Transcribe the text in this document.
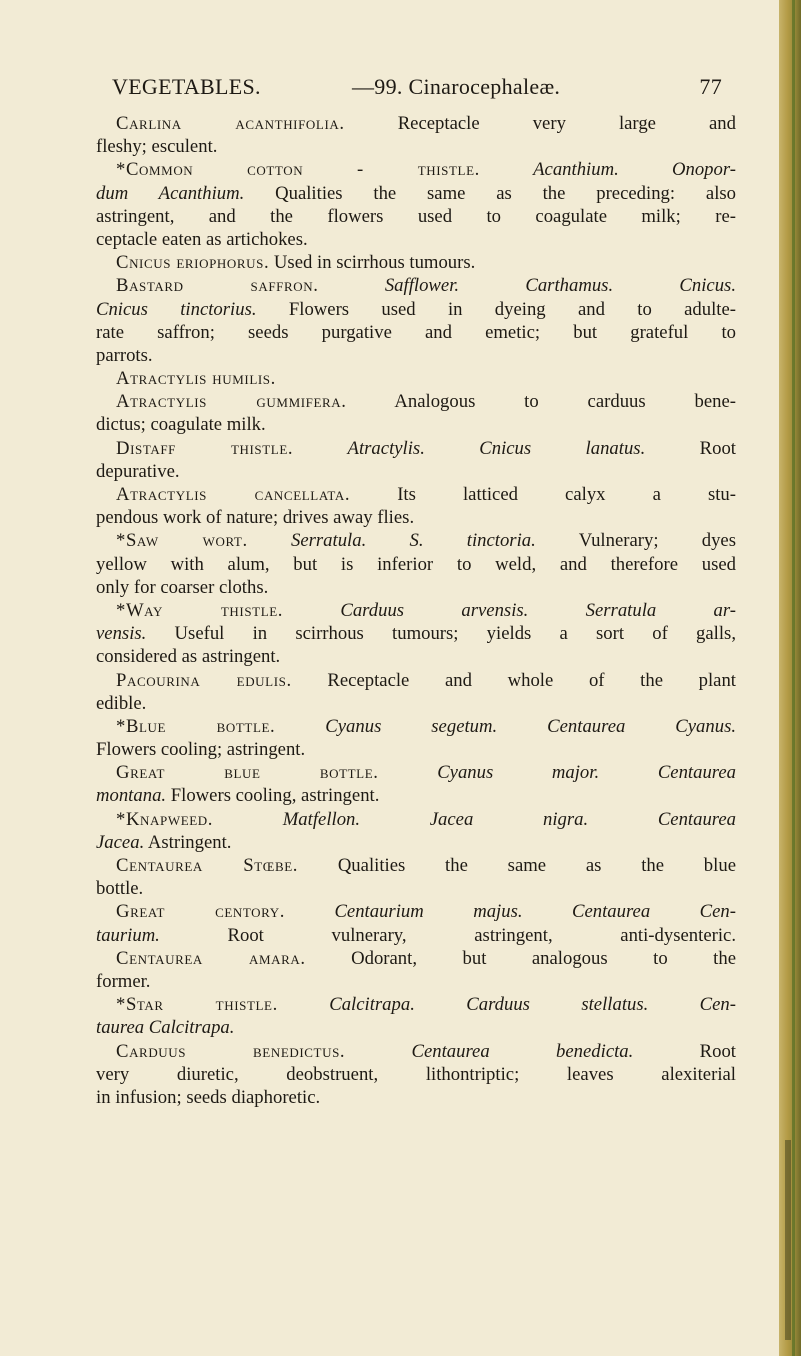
VEGETABLES.	—99. Cinarocephaleæ.	77
Carlina acanthifolia. Receptacle very large and
fleshy; esculent.
*Common cotton - thistle.	Acanthium.	Onopor-
dum Acanthium. Qualities the same as the preceding: also
astringent, and the flowers used to coagulate milk; re-
ceptacle eaten as artichokes.
Cnicus eriophorus. Used in scirrhous tumours.
Bastard saffron.	Safflower.	Carthamus.	Cnicus.
Cnicus tinctorius. Flowers used in dyeing and to adulte-
rate saffron; seeds purgative and emetic; but grateful to
parrots.
Atractylis humilis.
Atractylis gummifera. Analogous to carduus bene-
dictus; coagulate milk.
Distaff thistle.	Atractylis.	Cnicus lanatus. Root
depurative.
Atractylis cancellata. Its latticed calyx a stu-
pendous work of nature; drives away flies.
*Saw wort. Serratula. S. tinctoria. Vulnerary; dyes
yellow with alum, but is inferior to weld, and therefore used
only for coarser cloths.
*Way thistle.	Carduus arvensis.	Serratula ar-
vensis. Useful in scirrhous tumours; yields a sort of galls,
considered as astringent.
Pacourina edulis. Receptacle and whole of the plant
edible.
*Blue bottle.	Cyanus segetum.	Centaurea Cyanus.
Flowers cooling; astringent.
Great blue bottle.	Cyanus major.	Centaurea
montana. Flowers cooling, astringent.
*Knapweed.	Matfellon.	Jacea nigra.	Centaurea
Jacea. Astringent.
Centaurea Stœbe. Qualities the same as the blue
bottle.
Great centory.	Centaurium majus.	Centaurea Cen-
taurium. Root vulnerary, astringent, anti-dysenteric.
Centaurea amara. Odorant, but analogous to the
former.
*Star thistle.	Calcitrapa.	Carduus stellatus.	Cen-
taurea Calcitrapa.
Carduus benedictus.	Centaurea benedicta. Root
very diuretic, deobstruent, lithontriptic; leaves alexiterial
in infusion; seeds diaphoretic.
